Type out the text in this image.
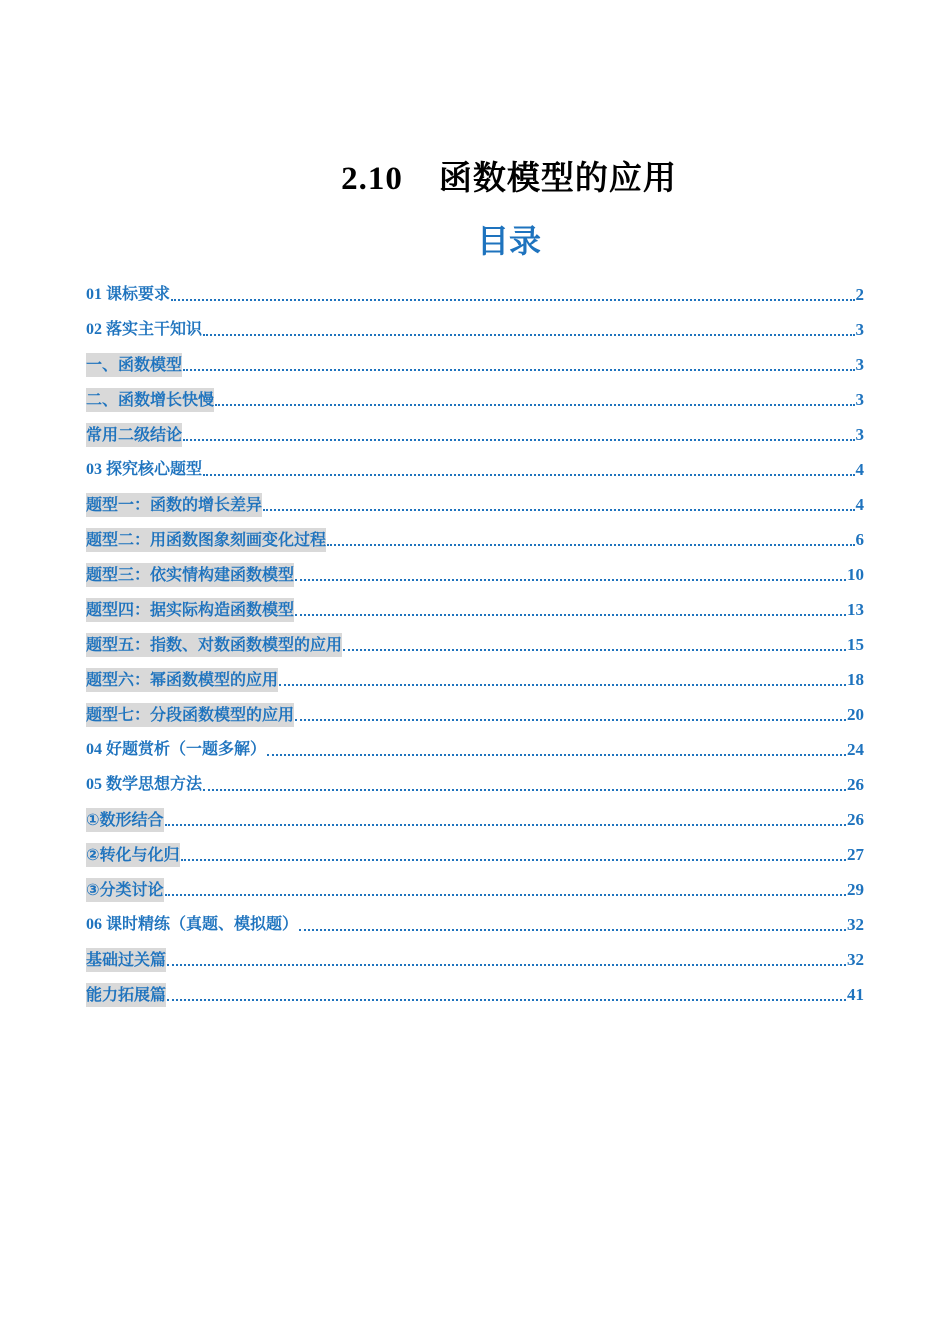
2.10 函数模型的应用
目录
01 课标要求	2
02 落实主干知识	3
一、函数模型	3
二、函数增长快慢	3
常用二级结论	3
03 探究核心题型	4
题型一：函数的增长差异	4
题型二：用函数图象刻画变化过程	6
题型三：依实情构建函数模型	10
题型四：据实际构造函数模型	13
题型五：指数、对数函数模型的应用	15
题型六：幂函数模型的应用	18
题型七：分段函数模型的应用	20
04 好题赏析（一题多解）	24
05 数学思想方法	26
①数形结合	26
②转化与化归	27
③分类讨论	29
06 课时精练（真题、模拟题）	32
基础过关篇	32
能力拓展篇	41
